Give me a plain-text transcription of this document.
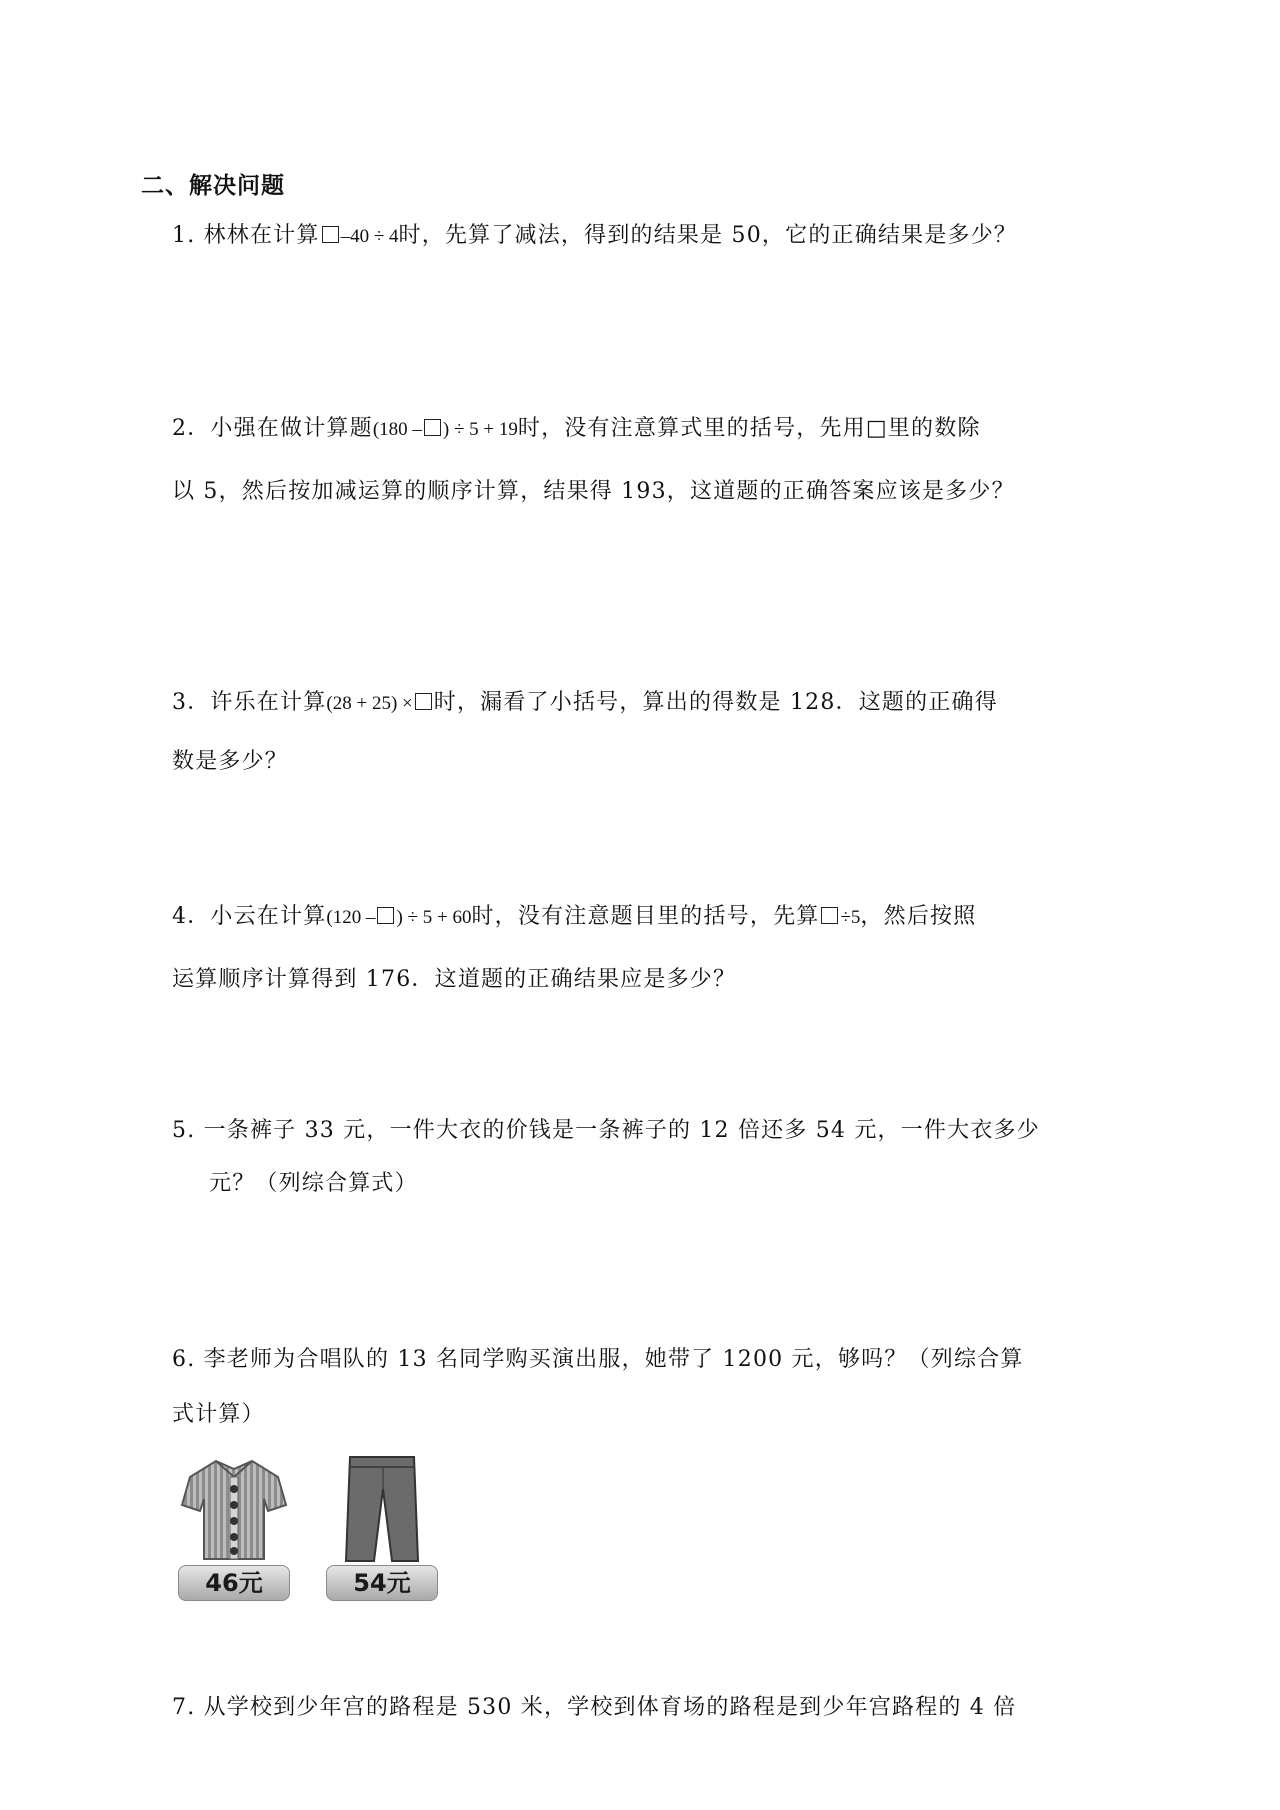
二、解决问题
1. 林林在计算 –40 ÷ 4时，先算了减法，得到的结果是 50，它的正确结果是多少？
2．小强在做计算题(180 – ) ÷ 5 + 19时，没有注意算式里的括号，先用□里的数除
以 5，然后按加减运算的顺序计算，结果得 193，这道题的正确答案应该是多少？
3．许乐在计算(28 + 25) × 时，漏看了小括号，算出的得数是 128．这题的正确得
数是多少？
4．小云在计算(120 – ) ÷ 5 + 60时，没有注意题目里的括号，先算 ÷5，然后按照
运算顺序计算得到 176．这道题的正确结果应是多少？
5. 一条裤子 33 元，一件大衣的价钱是一条裤子的 12 倍还多 54 元，一件大衣多少
元？（列综合算式）
6. 李老师为合唱队的 13 名同学购买演出服，她带了 1200 元，够吗？（列综合算
式计算）
46元	54元
7. 从学校到少年宫的路程是 530 米，学校到体育场的路程是到少年宫路程的 4 倍
